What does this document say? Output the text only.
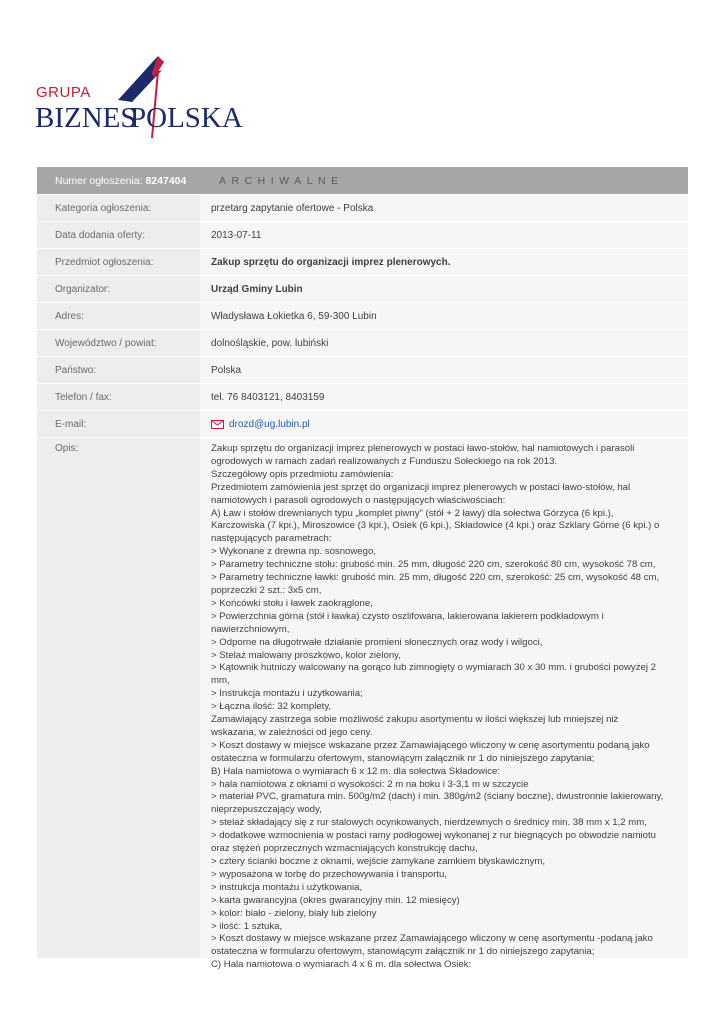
GRUPA
BIZNES
POLSKA
Numer ogłoszenia: 8247404	ARCHIWALNE
Kategoria ogłoszenia:	przetarg zapytanie ofertowe - Polska
Data dodania oferty:	2013-07-11
Przedmiot ogłoszenia:	Zakup sprzętu do organizacji imprez plenerowych.
Organizator:	Urząd Gminy Lubin
Adres:	Władysława Łokietka 6, 59-300 Lubin
Województwo / powiat:	dolnośląskie, pow. lubiński
Państwo:	Polska
Telefon / fax:	tel. 76 8403121, 8403159
E-mail:	drozd@ug.lubin.pl
Opis:	Zakup sprzętu do organizacji imprez plenerowych w postaci ławo-stołów, hal namiotowych i parasoli
ogrodowych w ramach zadań realizowanych z Funduszu Sołeckiego na rok 2013.
Szczegółowy opis przedmiotu zamówienia:
Przedmiotem zamówienia jest sprzęt do organizacji imprez plenerowych w postaci ławo-stołów, hal
namiotowych i parasoli ogrodowych o następujących właściwościach:
A) Ław i stołów drewnianych typu „komplet piwny" (stół + 2 ławy) dla sołectwa Górzyca (6 kpi.),
Karczowiska (7 kpi.), Miroszowice (3 kpi.), Osiek (6 kpi.), Składowice (4 kpi.) oraz Szklary Górne (6 kpi.) o
następujących parametrach:
> Wykonane z drewna np. sosnowego,
> Parametry techniczne stołu: grubość min. 25 mm, długość 220 cm, szerokość 80 cm, wysokość 78 cm,
> Parametry techniczne ławki: grubość min. 25 mm, długość 220 cm, szerokość: 25 cm, wysokość 48 cm,
poprzeczki 2 szt.: 3x5 cm,
> Końcówki stołu i ławek zaokrąglone,
> Powierzchnia górna (stół i ławka) czysto oszlifowana, lakierowana lakierem podkładowym i
nawierzchniowym,
> Odporne na długotrwałe działanie promieni słonecznych oraz wody i wilgoci,
> Stelaż malowany proszkowo, kolor zielony,
> Kątownik hutniczy walcowany na gorąco lub zimnogięty o wymiarach 30 x 30 mm. i grubości powyżej 2
mm,
> Instrukcja montażu i użytkowania;
> Łączna ilość: 32 komplety,
Zamawiający zastrzega sobie możliwość zakupu asortymentu w ilości większej lub mniejszej niż
wskazana, w zależności od jego ceny.
> Koszt dostawy w miejsce wskazane przez Zamawiającego wliczony w cenę asortymentu podaną jako
ostateczna w formularzu ofertowym, stanowiącym załącznik nr 1 do niniejszego zapytania;
B) Hala namiotowa o wymiarach 6 x 12 m. dla sołectwa Składowice:
> hala namiotowa z oknami o wysokości: 2 m na boku i 3-3,1 m w szczycie
> materiał PVC, gramatura min. 500g/m2 (dach) i min. 380g/m2 (ściany boczne), dwustronnie lakierowany,
nieprzepuszczający wody,
> stelaż składający się z rur stalowych ocynkowanych, nierdzewnych o średnicy min. 38 mm x 1,2 mm,
> dodatkowe wzmocnienia w postaci ramy podłogowej wykonanej z rur biegnących po obwodzie namiotu
oraz stężeń poprzecznych wzmacniających konstrukcję dachu,
> cztery ścianki boczne z oknami, wejście zamykane zamkiem błyskawicznym,
> wyposażona w torbę do przechowywania i transportu,
> instrukcja montażu i użytkowania,
> karta gwarancyjna (okres gwarancyjny min. 12 miesięcy)
> kolor: biało - zielony, biały lub zielony
> ilość: 1 sztuka,
> Koszt dostawy w miejsce wskazane przez Zamawiającego wliczony w cenę asortymentu -podaną jako
ostateczna w formularzu ofertowym, stanowiącym załącznik nr 1 do niniejszego zapytania;
C) Hala namiotowa o wymiarach 4 x 6 m. dla sołectwa Osiek:
